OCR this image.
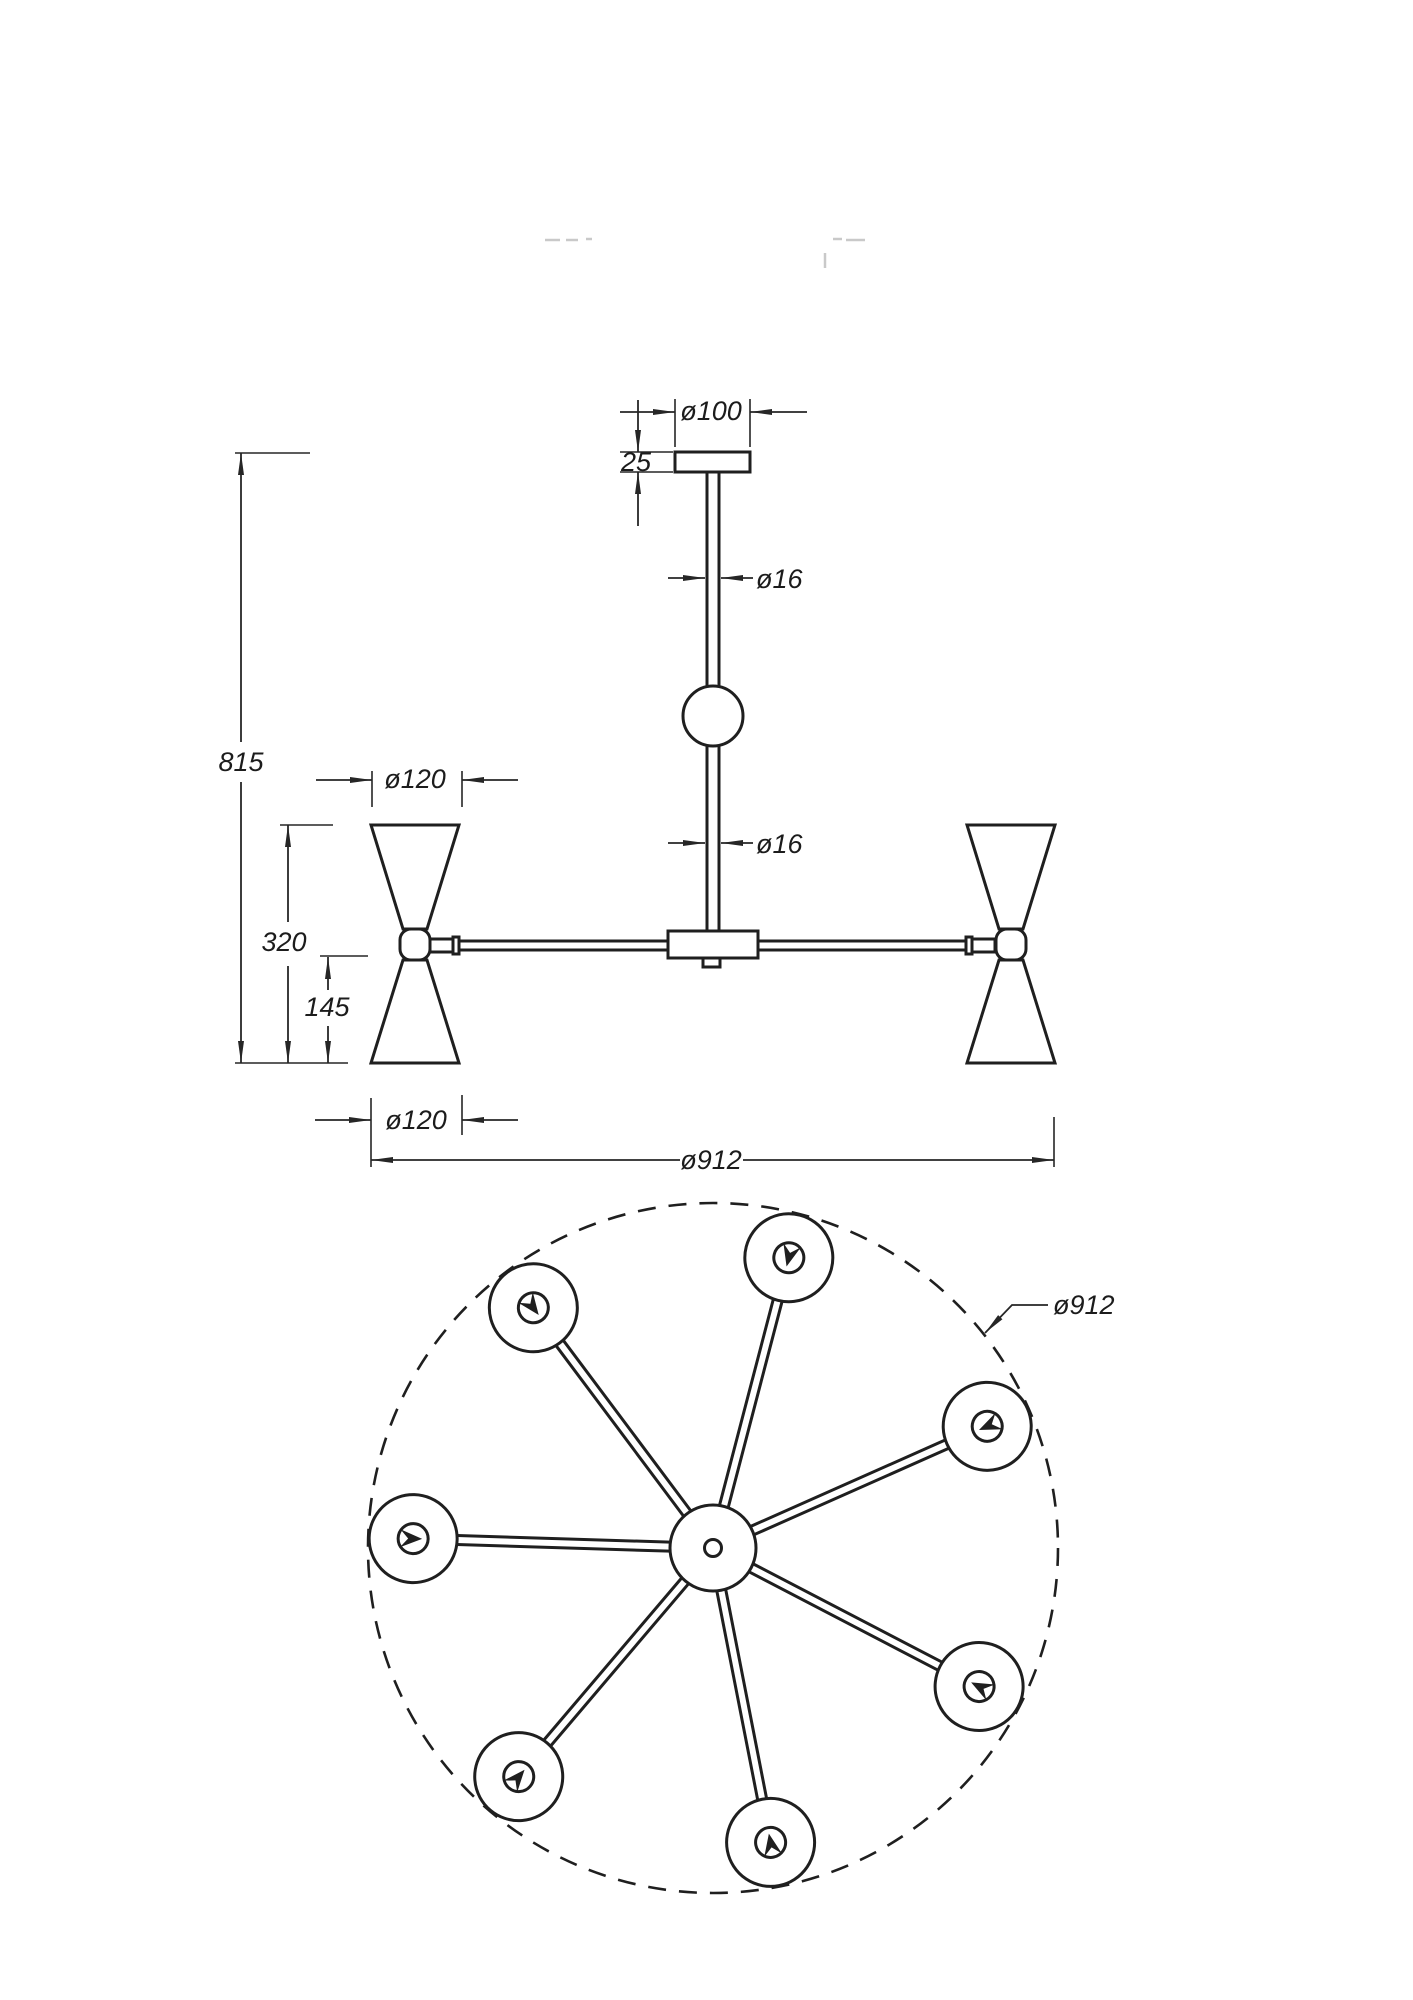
ø100
25
ø16
ø16
815
320
145
ø120
ø120
ø912
ø912
